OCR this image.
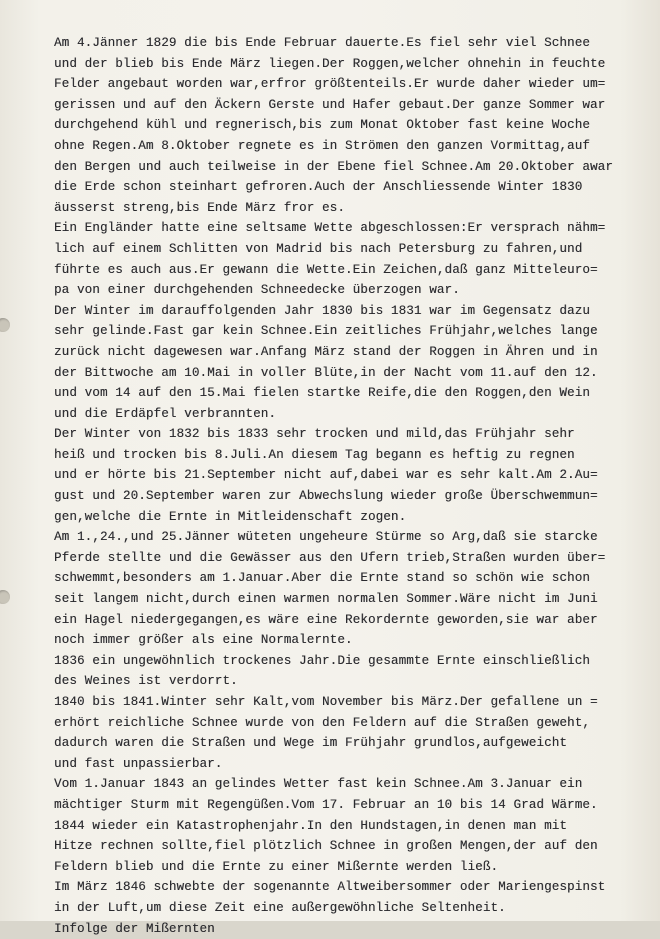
Am 4.Jänner 1829 die bis Ende Februar dauerte.Es fiel sehr viel Schnee
und der blieb bis Ende März liegen.Der Roggen,welcher ohnehin in feuchte
Felder angebaut worden war,erfror größtenteils.Er wurde daher wieder um=
gerissen und auf den Äckern Gerste und Hafer gebaut.Der ganze Sommer war
durchgehend kühl und regnerisch,bis zum Monat Oktober fast keine Woche
ohne Regen.Am 8.Oktober regnete es in Strömen den ganzen Vormittag,auf
den Bergen und auch teilweise in der Ebene fiel Schnee.Am 20.Oktober awar
die Erde schon steinhart gefroren.Auch der Anschliessende Winter 1830
äusserst streng,bis Ende März fror es.
Ein Engländer hatte eine seltsame Wette abgeschlossen:Er versprach nähm=
lich auf einem Schlitten von Madrid bis nach Petersburg zu fahren,und
führte es auch aus.Er gewann die Wette.Ein Zeichen,daß ganz Mitteleuro=
pa von einer durchgehenden Schneedecke überzogen war.
Der Winter im darauffolgenden Jahr 1830 bis 1831 war im Gegensatz dazu
sehr gelinde.Fast gar kein Schnee.Ein zeitliches Frühjahr,welches lange
zurück nicht dagewesen war.Anfang März stand der Roggen in Ähren und in
der Bittwoche am 10.Mai in voller Blüte,in der Nacht vom 11.auf den 12.
und vom 14 auf den 15.Mai fielen startke Reife,die den Roggen,den Wein
und die Erdäpfel verbrannten.
Der Winter von 1832 bis 1833 sehr trocken und mild,das Frühjahr sehr
heiß und trocken bis 8.Juli.An diesem Tag begann es heftig zu regnen
und er hörte bis 21.September nicht auf,dabei war es sehr kalt.Am 2.Au=
gust und 20.September waren zur Abwechslung wieder große Überschwemmun=
gen,welche die Ernte in Mitleidenschaft zogen.
Am 1.,24.,und 25.Jänner wüteten ungeheure Stürme so Arg,daß sie starcke
Pferde stellte und die Gewässer aus den Ufern trieb,Straßen wurden über=
schwemmt,besonders am 1.Januar.Aber die Ernte stand so schön wie schon
seit langem nicht,durch einen warmen normalen Sommer.Wäre nicht im Juni
ein Hagel niedergegangen,es wäre eine Rekordernte geworden,sie war aber
noch immer größer als eine Normalernte.
1836 ein ungewöhnlich trockenes Jahr.Die gesammte Ernte einschließlich
des Weines ist verdorrt.
1840 bis 1841.Winter sehr Kalt,vom November bis März.Der gefallene un =
erhört reichliche Schnee wurde von den Feldern auf die Straßen geweht,
dadurch waren die Straßen und Wege im Frühjahr grundlos,aufgeweicht
und fast unpassierbar.
Vom 1.Januar 1843 an gelindes Wetter fast kein Schnee.Am 3.Januar ein
mächtiger Sturm mit Regengüßen.Vom 17. Februar an 10 bis 14 Grad Wärme.
1844 wieder ein Katastrophenjahr.In den Hundstagen,in denen man mit
Hitze rechnen sollte,fiel plötzlich Schnee in großen Mengen,der auf den
Feldern blieb und die Ernte zu einer Mißernte werden ließ.
Im März 1846 schwebte der sogenannte Altweibersommer oder Mariengespinst
in der Luft,um diese Zeit eine außergewöhnliche Seltenheit.
Infolge der Mißernten
